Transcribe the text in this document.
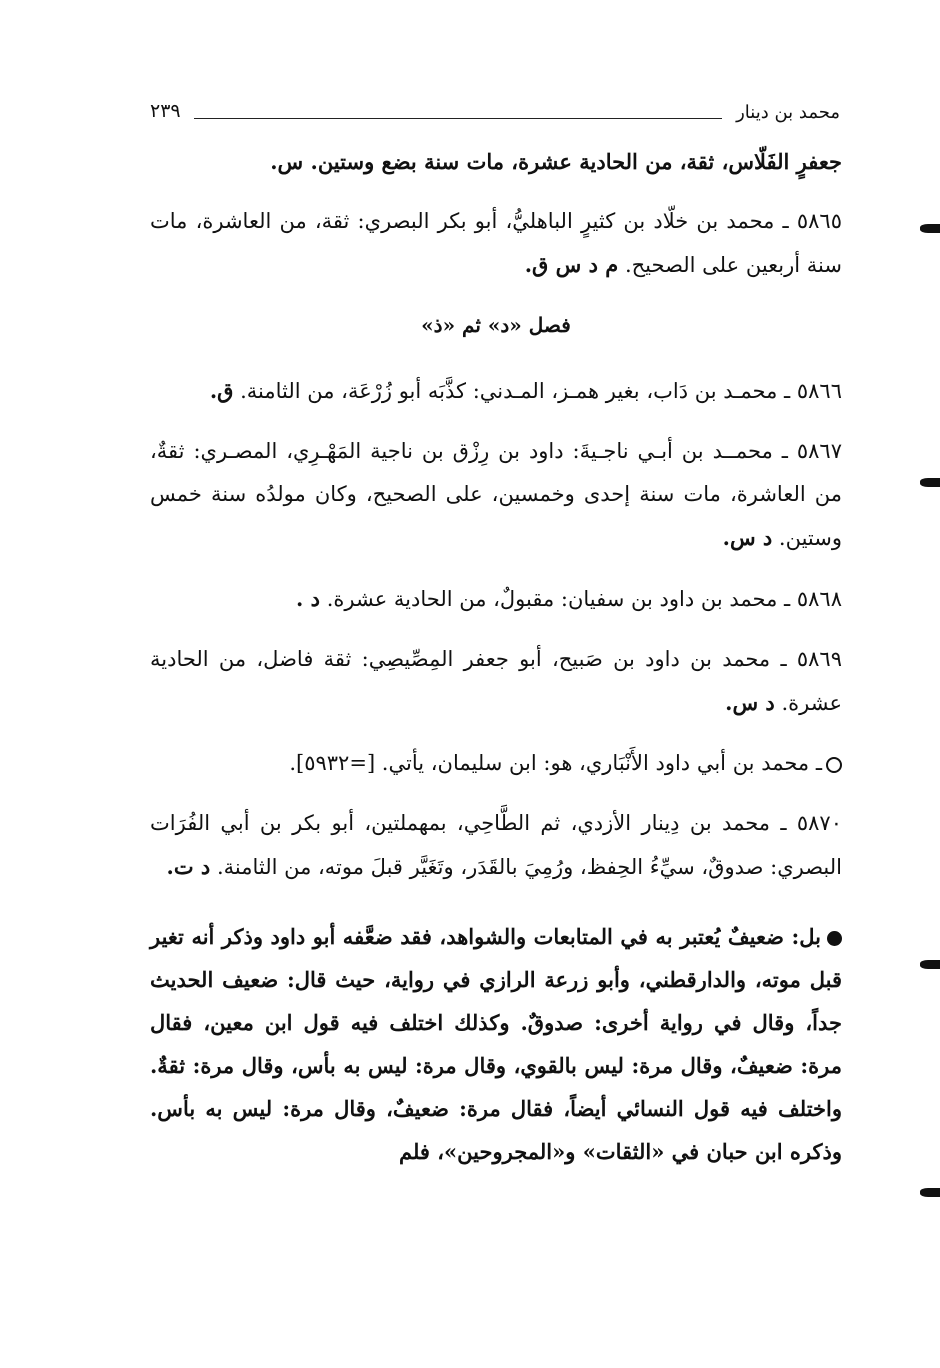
محمد بن دينار
٢٣٩

جعفرٍ الفَلّاس، ثقة، من الحادية عشرة، مات سنة بضع وستين. س.

٥٨٦٥ ـ محمد بن خلّاد بن كثيرٍ الباهليُّ، أبو بكر البصري: ثقة، من العاشرة، مات سنة أربعين على الصحيح. م د س ق.

فصل «د» ثم «ذ»

٥٨٦٦ ـ محمـد بن دَاب، بغير همـز، المـدني: كذَّبَه أبو زُرْعَة، من الثامنة. ق.

٥٨٦٧ ـ محمــد بن أبـي ناجـيةَ: داود بن رِزْق بن ناجية المَهْـرِي، المصـري: ثقةٌ، من العاشرة، مات سنة إحدى وخمسين، على الصحيح، وكان مولدُه سنة خمس وستين. د س.

٥٨٦٨ ـ محمد بن داود بن سفيان: مقبولٌ، من الحادية عشرة. د .

٥٨٦٩ ـ محمد بن داود بن صَبيح، أبو جعفر المِصِّيصِي: ثقة فاضل، من الحادية عشرة. د س.

ـ محمد بن أبي داود الأَنْبَاري، هو: ابن سليمان، يأتي. [=٥٩٣٢].

٥٨٧٠ ـ محمد بن دِينار الأزدي، ثم الطَّاحِي، بمهملتين، أبو بكر بن أبي الفُرَات البصري: صدوقٌ، سيِّءُ الحِفظ، ورُمِيَ بالقَدَر، وتَغَيَّر قبلَ موته، من الثامنة. د ت.

بل: ضعيفٌ يُعتبر به في المتابعات والشواهد، فقد ضعَّفه أبو داود وذكر أنه تغير قبل موته، والدارقطني، وأبو زرعة الرازي في رواية، حيث قال: ضعيف الحديث جداً، وقال في رواية أخرى: صدوقٌ. وكذلك اختلف فيه قول ابن معين، فقال مرة: ضعيفٌ، وقال مرة: ليس بالقوي، وقال مرة: ليس به بأس، وقال مرة: ثقةٌ. واختلف فيه قول النسائي أيضاً، فقال مرة: ضعيفٌ، وقال مرة: ليس به بأس. وذكره ابن حبان في «الثقات» و«المجروحين»، فلم
